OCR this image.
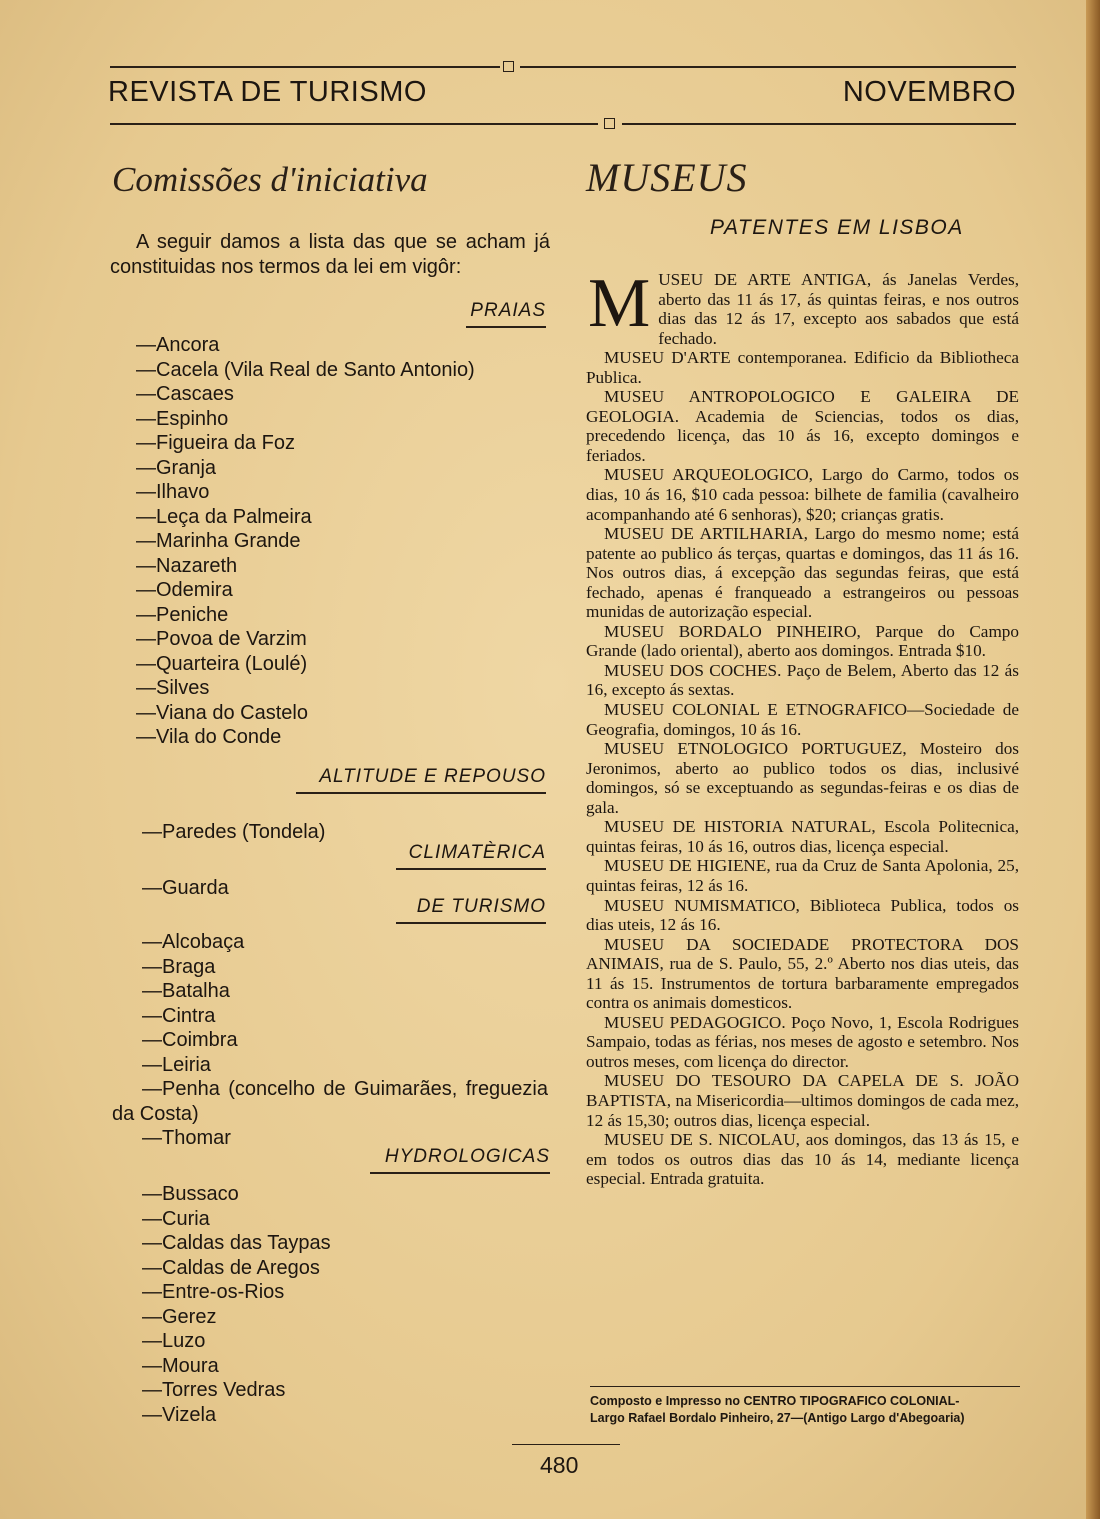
REVISTA DE TURISMO	NOVEMBRO
Comissões d'iniciativa

A seguir damos a lista das que se acham já constituidas nos termos da lei em vigôr:

PRAIAS
—Ancora
—Cacela (Vila Real de Santo Antonio)
—Cascaes
—Espinho
—Figueira da Foz
—Granja
—Ilhavo
—Leça da Palmeira
—Marinha Grande
—Nazareth
—Odemira
—Peniche
—Povoa de Varzim
—Quarteira (Loulé)
—Silves
—Viana do Castelo
—Vila do Conde
ALTITUDE E REPOUSO
—Paredes (Tondela)
CLIMATÈRICA
—Guarda
DE TURISMO
—Alcobaça
—Braga
—Batalha
—Cintra
—Coimbra
—Leiria
—Penha (concelho de Guimarães, freguezia da Costa)
—Thomar
HYDROLOGICAS
—Bussaco
—Curia
—Caldas das Taypas
—Caldas de Aregos
—Entre-os-Rios
—Gerez
—Luzo
—Moura
—Torres Vedras
—Vizela
MUSEUS
PATENTES EM LISBOA

MUSEU DE ARTE ANTIGA, ás Janelas Verdes, aberto das 11 ás 17, ás quintas feiras, e nos outros dias das 12 ás 17, excepto aos sabados que está fechado.

MUSEU D'ARTE contemporanea. Edificio da Bibliotheca Publica.

MUSEU ANTROPOLOGICO E GALEIRA DE GEOLOGIA. Academia de Sciencias, todos os dias, precedendo licença, das 10 ás 16, excepto domingos e feriados.

MUSEU ARQUEOLOGICO, Largo do Carmo, todos os dias, 10 ás 16, $10 cada pessoa: bilhete de familia (cavalheiro acompanhando até 6 senhoras), $20; crianças gratis.

MUSEU DE ARTILHARIA, Largo do mesmo nome; está patente ao publico ás terças, quartas e domingos, das 11 ás 16. Nos outros dias, á excepção das segundas feiras, que está fechado, apenas é franqueado a estrangeiros ou pessoas munidas de autorização especial.

MUSEU BORDALO PINHEIRO, Parque do Campo Grande (lado oriental), aberto aos domingos. Entrada $10.

MUSEU DOS COCHES. Paço de Belem, Aberto das 12 ás 16, excepto ás sextas.

MUSEU COLONIAL E ETNOGRAFICO—Sociedade de Geografia, domingos, 10 ás 16.

MUSEU ETNOLOGICO PORTUGUEZ, Mosteiro dos Jeronimos, aberto ao publico todos os dias, inclusivé domingos, só se exceptuando as segundas-feiras e os dias de gala.

MUSEU DE HISTORIA NATURAL, Escola Politecnica, quintas feiras, 10 ás 16, outros dias, licença especial.

MUSEU DE HIGIENE, rua da Cruz de Santa Apolonia, 25, quintas feiras, 12 ás 16.

MUSEU NUMISMATICO, Biblioteca Publica, todos os dias uteis, 12 ás 16.

MUSEU DA SOCIEDADE PROTECTORA DOS ANIMAIS, rua de S. Paulo, 55, 2.º Aberto nos dias uteis, das 11 ás 15. Instrumentos de tortura barbaramente empregados contra os animais domesticos.

MUSEU PEDAGOGICO. Poço Novo, 1, Escola Rodrigues Sampaio, todas as férias, nos meses de agosto e setembro. Nos outros meses, com licença do director.

MUSEU DO TESOURO DA CAPELA DE S. JOÃO BAPTISTA, na Misericordia—ultimos domingos de cada mez, 12 ás 15,30; outros dias, licença especial.

MUSEU DE S. NICOLAU, aos domingos, das 13 ás 15, e em todos os outros dias das 10 ás 14, mediante licença especial. Entrada gratuita.

Composto e Impresso no CENTRO TIPOGRAFICO COLONIAL-
Largo Rafael Bordalo Pinheiro, 27—(Antigo Largo d'Abegoaria)
480
